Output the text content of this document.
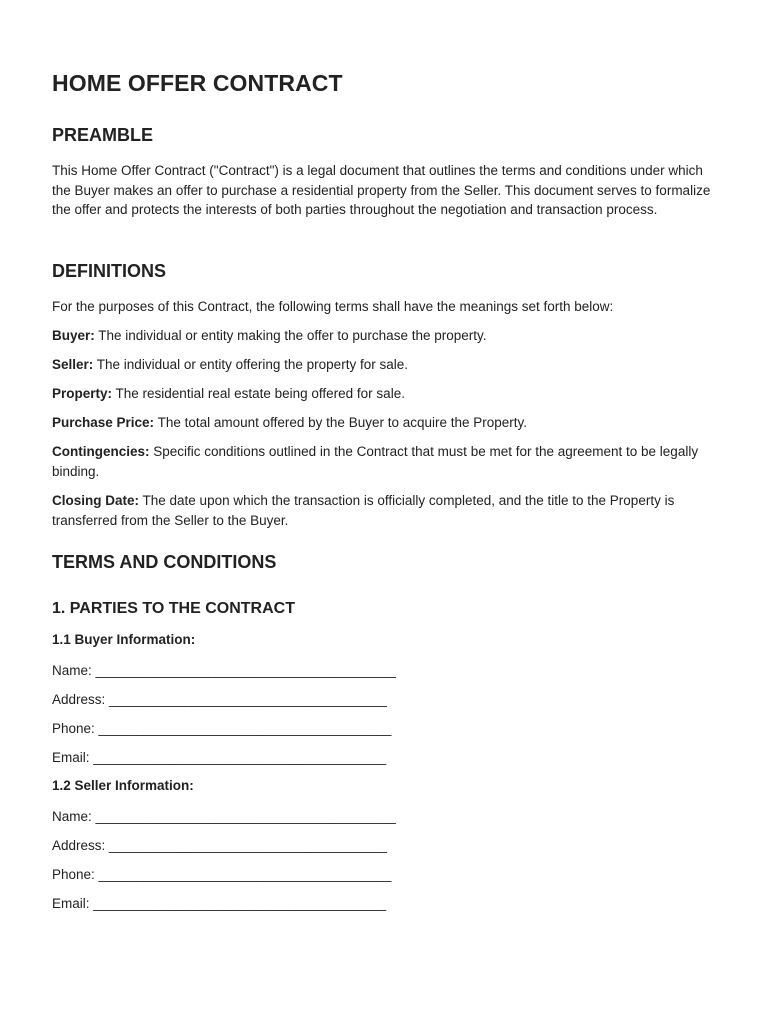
HOME OFFER CONTRACT
PREAMBLE

This Home Offer Contract ("Contract") is a legal document that outlines the terms and conditions under which the Buyer makes an offer to purchase a residential property from the Seller. This document serves to formalize the offer and protects the interests of both parties throughout the negotiation and transaction process.

DEFINITIONS

For the purposes of this Contract, the following terms shall have the meanings set forth below:

Buyer: The individual or entity making the offer to purchase the property.

Seller: The individual or entity offering the property for sale.

Property: The residential real estate being offered for sale.

Purchase Price: The total amount offered by the Buyer to acquire the Property.

Contingencies: Specific conditions outlined in the Contract that must be met for the agreement to be legally binding.

Closing Date: The date upon which the transaction is officially completed, and the title to the Property is transferred from the Seller to the Buyer.

TERMS AND CONDITIONS
1. PARTIES TO THE CONTRACT
1.1 Buyer Information:

Name: ________________________________________

Address: _____________________________________

Phone: _______________________________________

Email: _______________________________________

1.2 Seller Information:

Name: ________________________________________

Address: _____________________________________

Phone: _______________________________________

Email: _______________________________________
